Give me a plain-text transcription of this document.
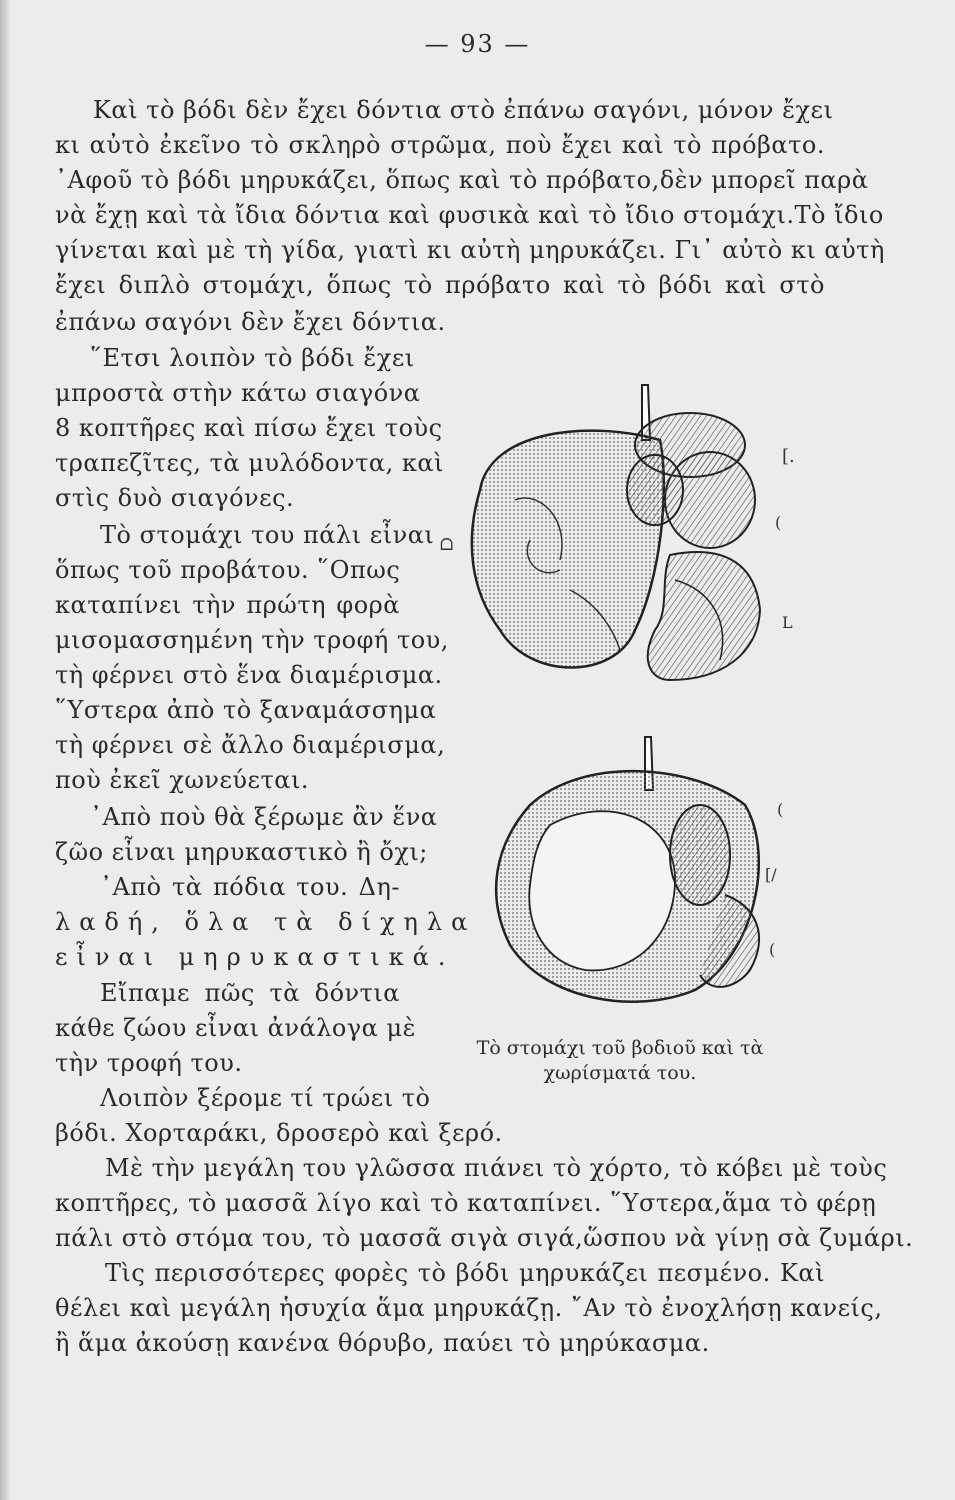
— 93 —
Καὶ τὸ βόδι δὲν ἔχει δόντια στὸ ἐπάνω σαγόνι, μόνον ἔχει
κι αὐτὸ ἐκεῖνο τὸ σκληρὸ στρῶμα, ποὺ ἔχει καὶ τὸ πρόβατο.
᾿Αφοῦ τὸ βόδι μηρυκάζει, ὅπως καὶ τὸ πρόβατο,δὲν μπορεῖ παρὰ
νὰ ἔχῃ καὶ τὰ ἴδια δόντια καὶ φυσικὰ καὶ τὸ ἴδιο στομάχι.Τὸ ἴδιο
γίνεται καὶ μὲ τὴ γίδα, γιατὶ κι αὐτὴ μηρυκάζει. Γι᾿ αὐτὸ κι αὐτὴ
ἔχει διπλὸ στομάχι, ὅπως τὸ πρόβατο καὶ τὸ βόδι καὶ στὸ
ἐπάνω σαγόνι δὲν ἔχει δόντια.
῞Ετσι λοιπὸν τὸ βόδι ἔχει
μπροστὰ στὴν κάτω σιαγόνα
8 κοπτῆρες καὶ πίσω ἔχει τοὺς
τραπεζῖτες, τὰ μυλόδοντα, καὶ
στὶς δυὸ σιαγόνες.
Τὸ στομάχι του πάλι εἶναι
ὅπως τοῦ προβάτου. ῞Οπως
καταπίνει τὴν πρώτη φορὰ
μισομασσημένη τὴν τροφή του,
τὴ φέρνει στὸ ἕνα διαμέρισμα.
῞Υστερα ἀπὸ τὸ ξαναμάσσημα
τὴ φέρνει σὲ ἄλλο διαμέρισμα,
ποὺ ἐκεῖ χωνεύεται.
᾿Απὸ ποὺ θὰ ξέρωμε ἂν ἕνα
ζῶο εἶναι μηρυκαστικὸ ἢ ὄχι;
᾿Απὸ τὰ πόδια του. Δη-
λαδή, ὅλα τὰ δίχηλα
εἶναι μηρυκαστικά.
Εἴπαμε πῶς τὰ δόντια
κάθε ζώου εἶναι ἀνάλογα μὲ
τὴν τροφή του.
Λοιπὸν ξέρομε τί τρώει τὸ
βόδι. Χορταράκι, δροσερὸ καὶ ξερό.
Μὲ τὴν μεγάλη του γλῶσσα πιάνει τὸ χόρτο, τὸ κόβει μὲ τοὺς
κοπτῆρες, τὸ μασσᾶ λίγο καὶ τὸ καταπίνει. ῞Υστερα,ἅμα τὸ φέρῃ
πάλι στὸ στόμα του, τὸ μασσᾶ σιγὰ σιγά,ὥσπου νὰ γίνῃ σὰ ζυμάρι.
Τὶς περισσότερες φορὲς τὸ βόδι μηρυκάζει πεσμένο. Καὶ
θέλει καὶ μεγάλη ἡσυχία ἅμα μηρυκάζῃ. ῎Αν τὸ ἐνοχλήσῃ κανείς,
ἢ ἅμα ἀκούσῃ κανένα θόρυβο, παύει τὸ μηρύκασμα.
[.
(
L
ᗝ
(
[/
(
Τὸ στομάχι τοῦ βοδιοῦ καὶ τὰ
χωρίσματά του.
